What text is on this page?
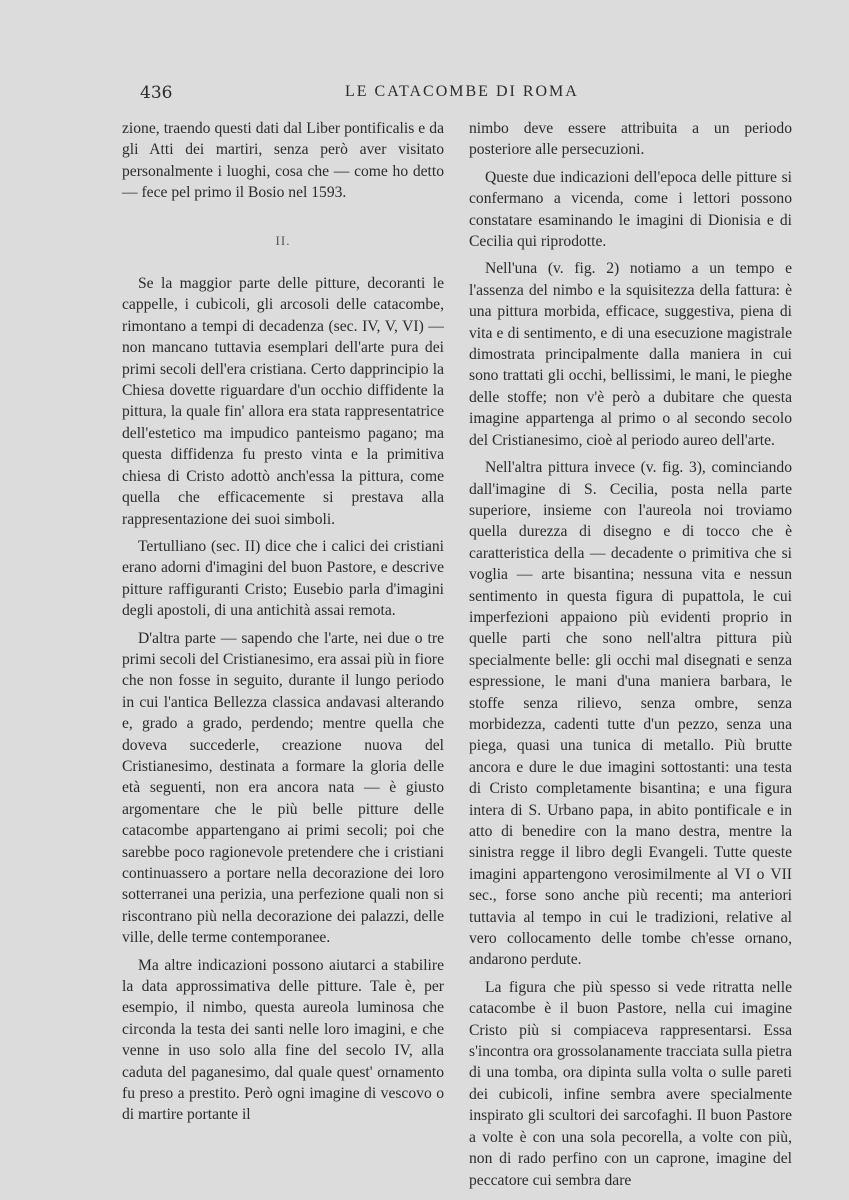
436	LE CATACOMBE DI ROMA

zione, traendo questi dati dal Liber pontificalis e da gli Atti dei martiri, senza però aver visitato personalmente i luoghi, cosa che — come ho detto — fece pel primo il Bosio nel 1593.

II.

Se la maggior parte delle pitture, decoranti le cappelle, i cubicoli, gli arcosoli delle catacombe, rimontano a tempi di decadenza (sec. IV, V, VI) — non mancano tuttavia esemplari dell'arte pura dei primi secoli dell'era cristiana. Certo dapprincipio la Chiesa dovette riguardare d'un occhio diffidente la pittura, la quale fin' allora era stata rappresentatrice dell'estetico ma impudico panteismo pagano; ma questa diffidenza fu presto vinta e la primitiva chiesa di Cristo adottò anch'essa la pittura, come quella che efficacemente si prestava alla rappresentazione dei suoi simboli.

Tertulliano (sec. II) dice che i calici dei cristiani erano adorni d'imagini del buon Pastore, e descrive pitture raffiguranti Cristo; Eusebio parla d'imagini degli apostoli, di una antichità assai remota.

D'altra parte — sapendo che l'arte, nei due o tre primi secoli del Cristianesimo, era assai più in fiore che non fosse in seguito, durante il lungo periodo in cui l'antica Bellezza classica andavasi alterando e, grado a grado, perdendo; mentre quella che doveva succederle, creazione nuova del Cristianesimo, destinata a formare la gloria delle età seguenti, non era ancora nata — è giusto argomentare che le più belle pitture delle catacombe appartengano ai primi secoli; poi che sarebbe poco ragionevole pretendere che i cristiani continuassero a portare nella decorazione dei loro sotterranei una perizia, una perfezione quali non si riscontrano più nella decorazione dei palazzi, delle ville, delle terme contemporanee.

Ma altre indicazioni possono aiutarci a stabilire la data approssimativa delle pitture. Tale è, per esempio, il nimbo, questa aureola luminosa che circonda la testa dei santi nelle loro imagini, e che venne in uso solo alla fine del secolo IV, alla caduta del paganesimo, dal quale quest' ornamento fu preso a prestito. Però ogni imagine di vescovo o di martire portante il

nimbo deve essere attribuita a un periodo posteriore alle persecuzioni.

Queste due indicazioni dell'epoca delle pitture si confermano a vicenda, come i lettori possono constatare esaminando le imagini di Dionisia e di Cecilia qui riprodotte.

Nell'una (v. fig. 2) notiamo a un tempo e l'assenza del nimbo e la squisitezza della fattura: è una pittura morbida, efficace, suggestiva, piena di vita e di sentimento, e di una esecuzione magistrale dimostrata principalmente dalla maniera in cui sono trattati gli occhi, bellissimi, le mani, le pieghe delle stoffe; non v'è però a dubitare che questa imagine appartenga al primo o al secondo secolo del Cristianesimo, cioè al periodo aureo dell'arte.

Nell'altra pittura invece (v. fig. 3), cominciando dall'imagine di S. Cecilia, posta nella parte superiore, insieme con l'aureola noi troviamo quella durezza di disegno e di tocco che è caratteristica della — decadente o primitiva che si voglia — arte bisantina; nessuna vita e nessun sentimento in questa figura di pupattola, le cui imperfezioni appaiono più evidenti proprio in quelle parti che sono nell'altra pittura più specialmente belle: gli occhi mal disegnati e senza espressione, le mani d'una maniera barbara, le stoffe senza rilievo, senza ombre, senza morbidezza, cadenti tutte d'un pezzo, senza una piega, quasi una tunica di metallo. Più brutte ancora e dure le due imagini sottostanti: una testa di Cristo completamente bisantina; e una figura intera di S. Urbano papa, in abito pontificale e in atto di benedire con la mano destra, mentre la sinistra regge il libro degli Evangeli. Tutte queste imagini appartengono verosimilmente al VI o VII sec., forse sono anche più recenti; ma anteriori tuttavia al tempo in cui le tradizioni, relative al vero collocamento delle tombe ch'esse ornano, andarono perdute.

La figura che più spesso si vede ritratta nelle catacombe è il buon Pastore, nella cui imagine Cristo più si compiaceva rappresentarsi. Essa s'incontra ora grossolanamente tracciata sulla pietra di una tomba, ora dipinta sulla volta o sulle pareti dei cubicoli, infine sembra avere specialmente inspirato gli scultori dei sarcofaghi. Il buon Pastore a volte è con una sola pecorella, a volte con più, non di rado perfino con un caprone, imagine del peccatore cui sembra dare
